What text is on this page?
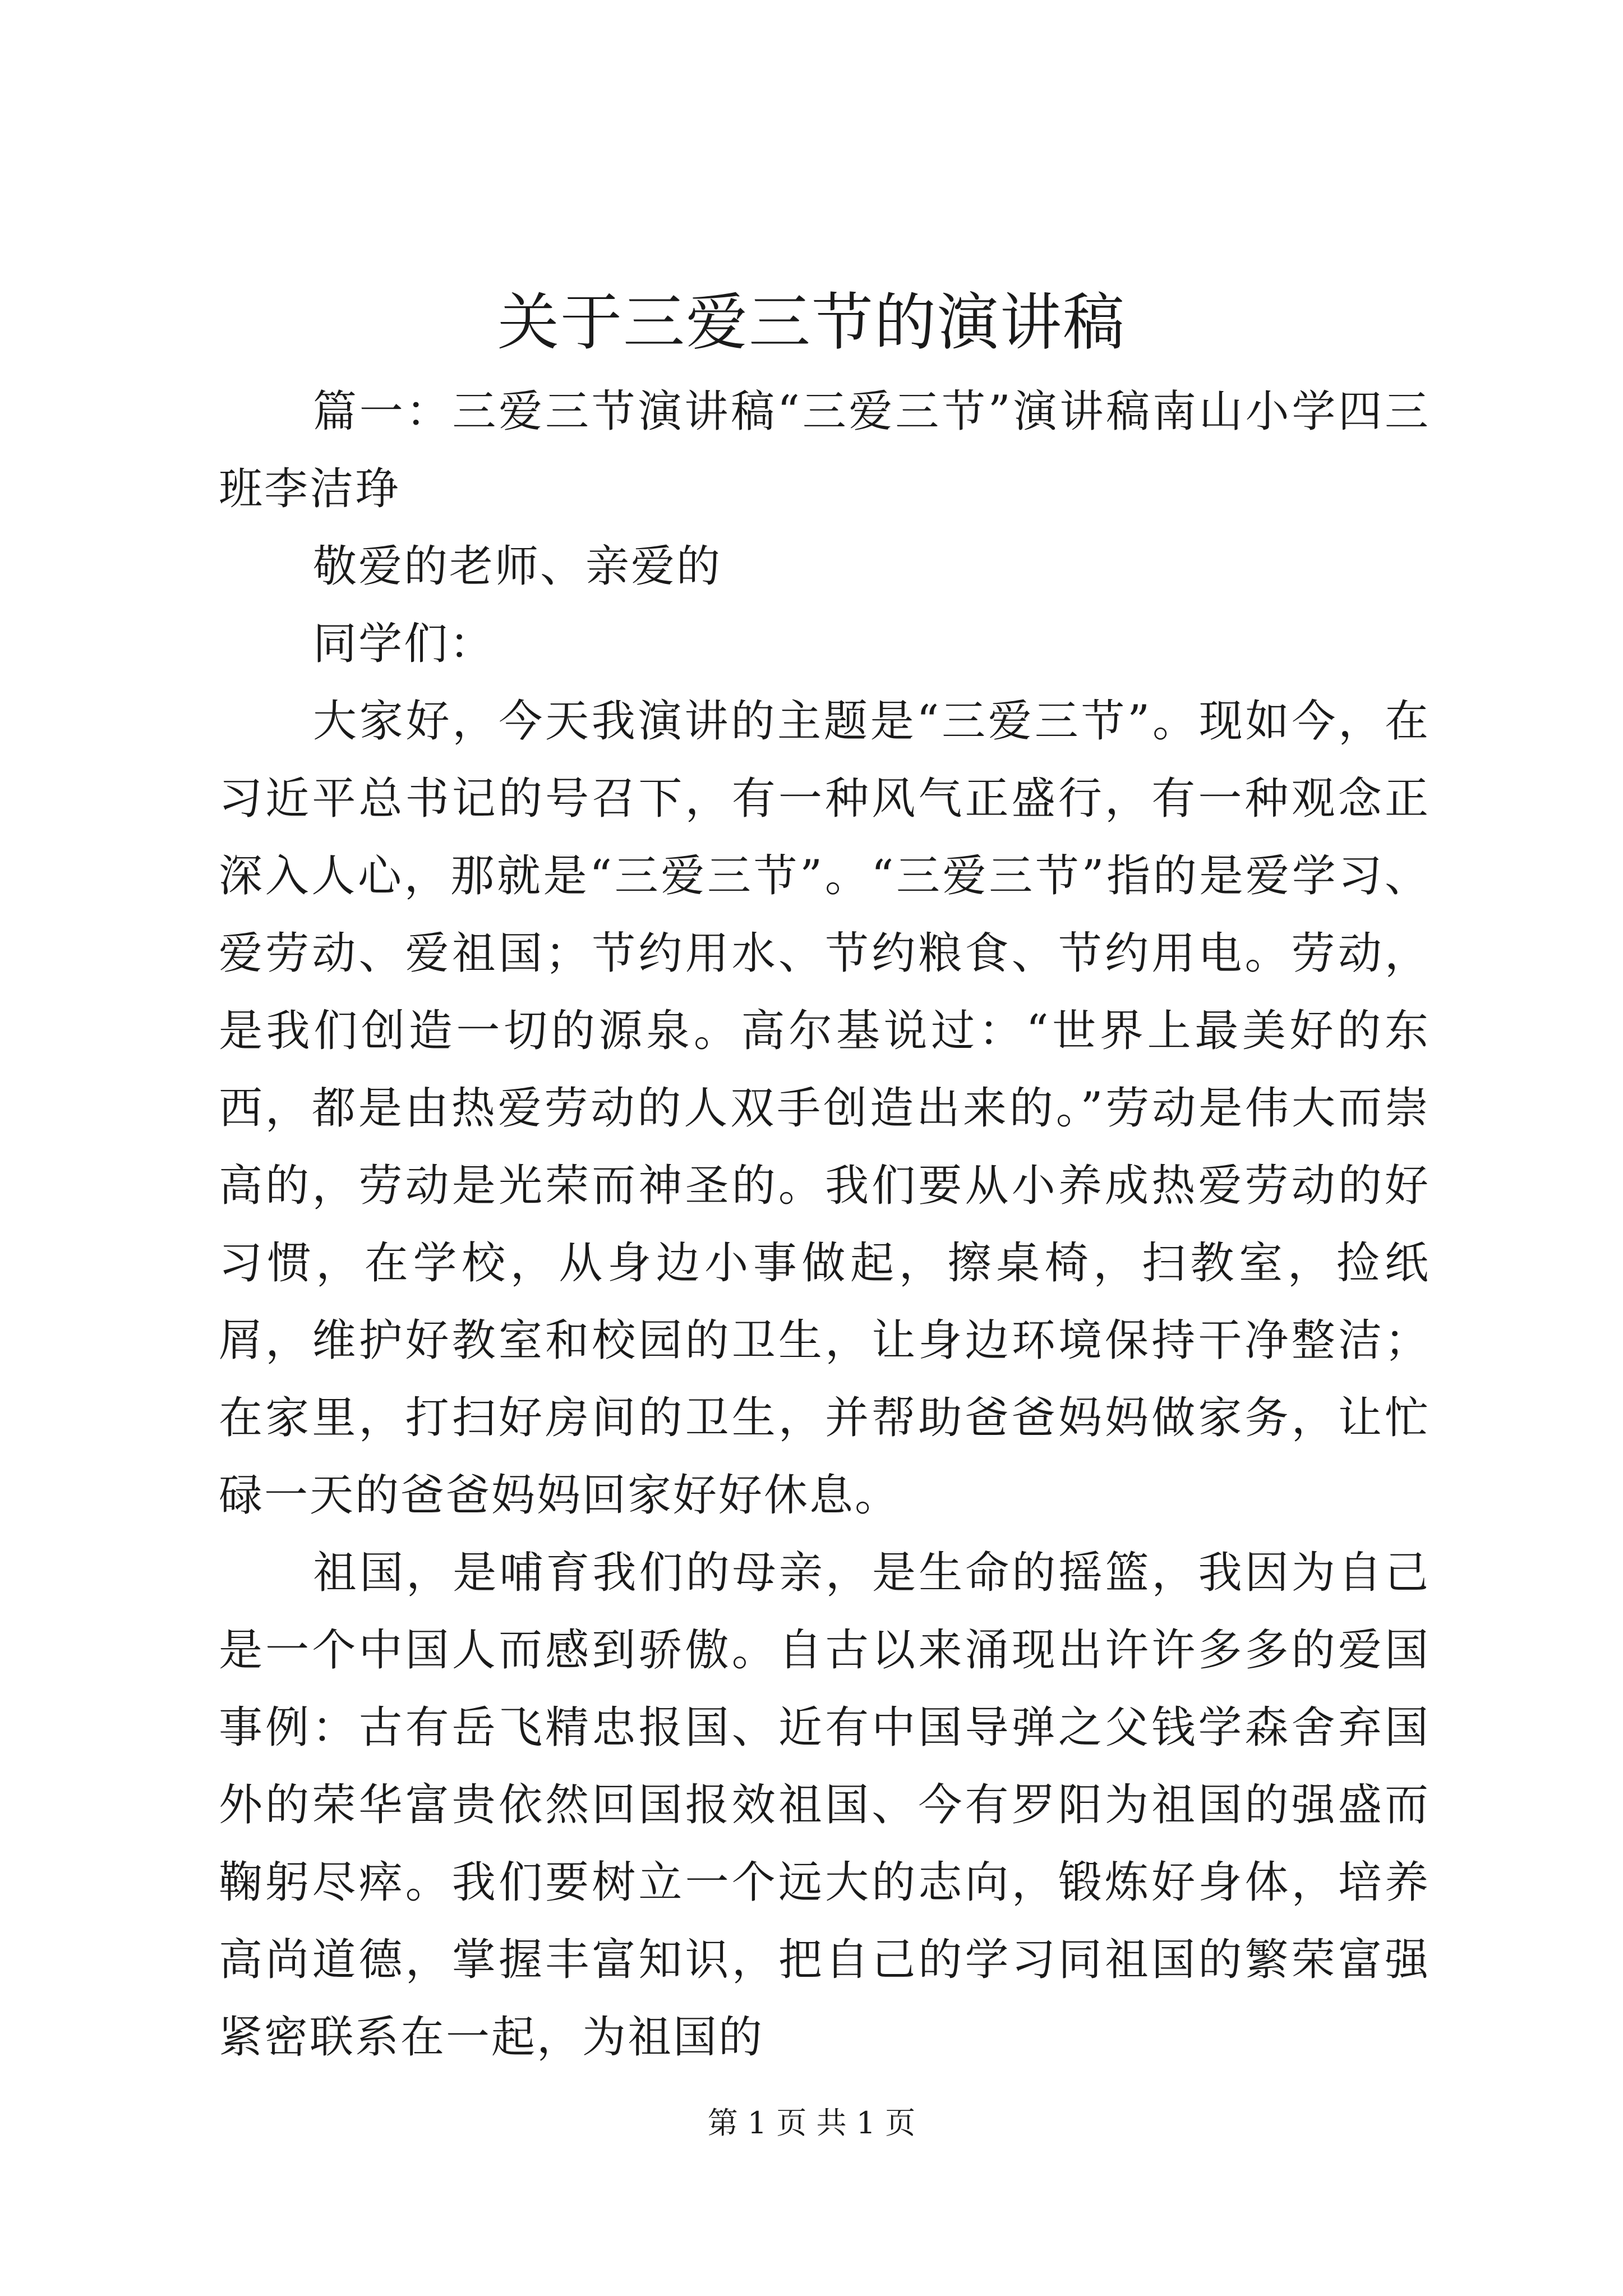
关于三爱三节的演讲稿

篇一：三爱三节演讲稿“三爱三节”演讲稿南山小学四三班李洁琤

敬爱的老师、亲爱的

同学们：

大家好，今天我演讲的主题是“三爱三节”。现如今，在习近平总书记的号召下，有一种风气正盛行，有一种观念正深入人心，那就是“三爱三节”。“三爱三节”指的是爱学习、爱劳动、爱祖国；节约用水、节约粮食、节约用电。劳动，是我们创造一切的源泉。高尔基说过：“世界上最美好的东西，都是由热爱劳动的人双手创造出来的。”劳动是伟大而崇高的，劳动是光荣而神圣的。我们要从小养成热爱劳动的好习惯，在学校，从身边小事做起，擦桌椅，扫教室，捡纸屑，维护好教室和校园的卫生，让身边环境保持干净整洁；在家里，打扫好房间的卫生，并帮助爸爸妈妈做家务，让忙碌一天的爸爸妈妈回家好好休息。

祖国，是哺育我们的母亲，是生命的摇篮，我因为自己是一个中国人而感到骄傲。自古以来涌现出许许多多的爱国事例：古有岳飞精忠报国、近有中国导弹之父钱学森舍弃国外的荣华富贵依然回国报效祖国、今有罗阳为祖国的强盛而鞠躬尽瘁。我们要树立一个远大的志向，锻炼好身体，培养高尚道德，掌握丰富知识，把自己的学习同祖国的繁荣富强紧密联系在一起，为祖国的

第 1 页 共 1 页
